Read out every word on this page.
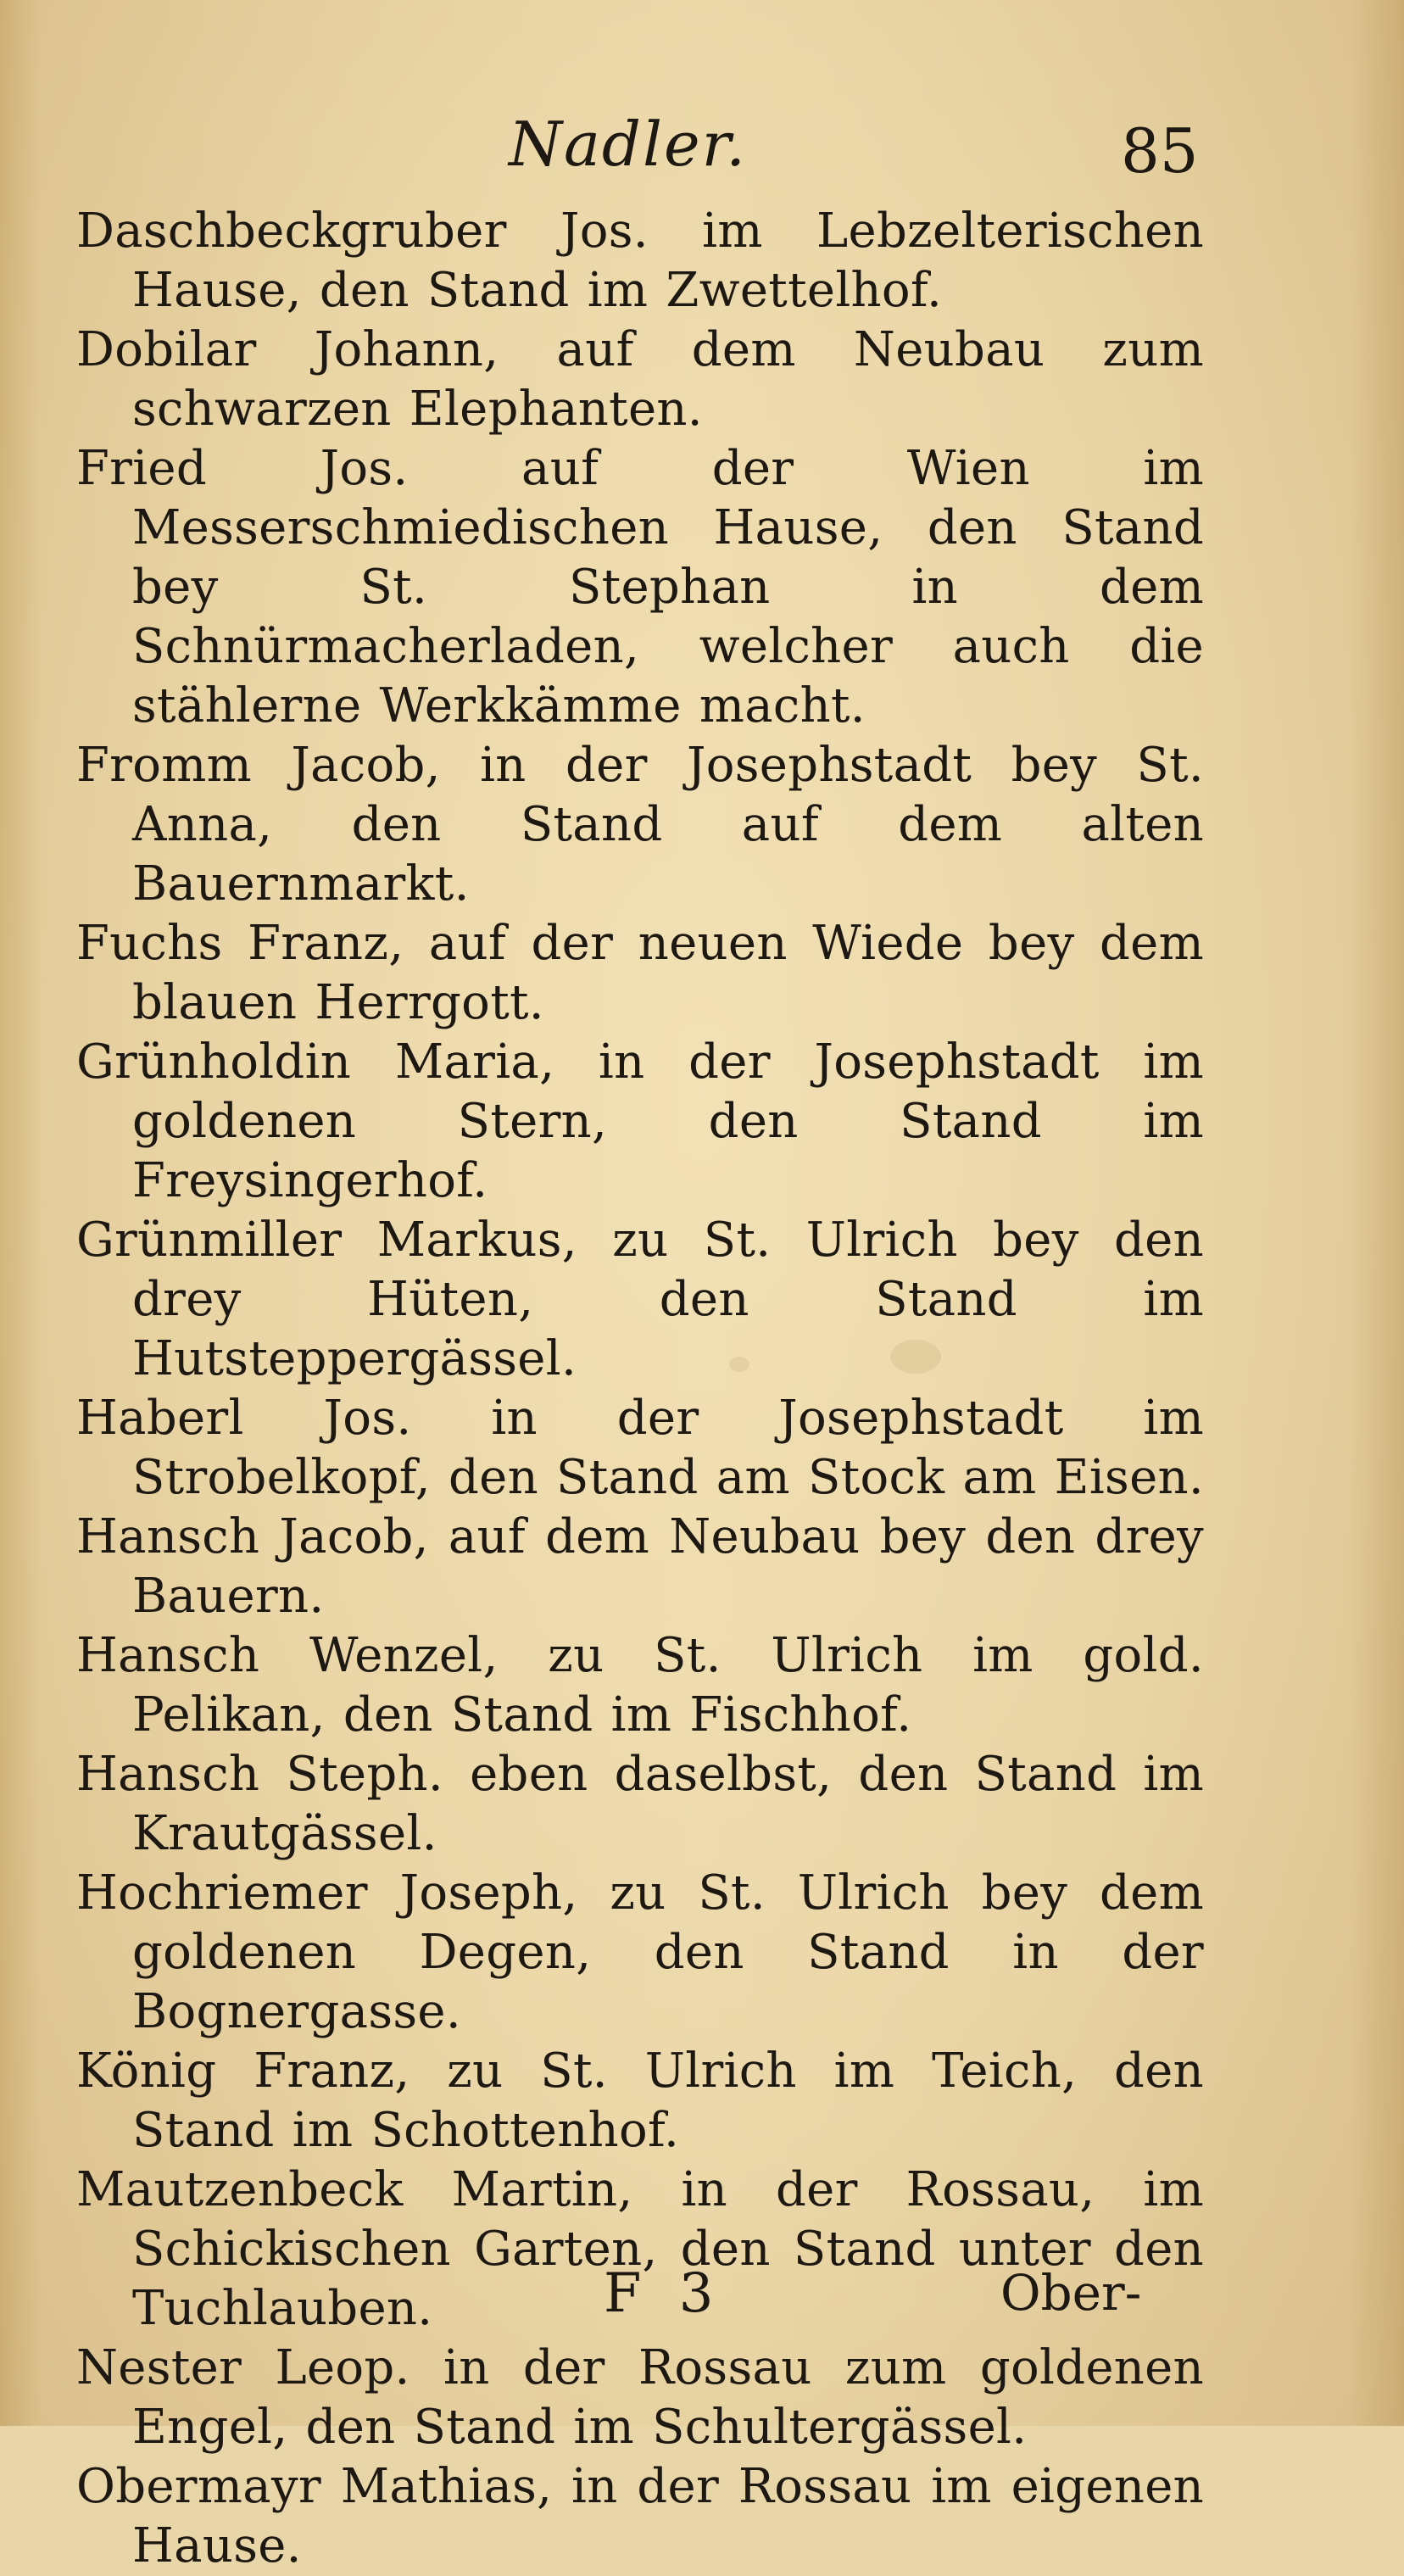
Nadler.	85
Daschbeckgruber Jos. im Lebzelterischen Hause, den Stand im Zwettelhof.
Dobilar Johann, auf dem Neubau zum schwarzen Elephanten.
Fried Jos. auf der Wien im Messerschmiedischen Hause, den Stand bey St. Stephan in dem Schnürmacherladen, welcher auch die stählerne Werkkämme macht.
Fromm Jacob, in der Josephstadt bey St. Anna, den Stand auf dem alten Bauernmarkt.
Fuchs Franz, auf der neuen Wiede bey dem blauen Herrgott.
Grünholdin Maria, in der Josephstadt im goldenen Stern, den Stand im Freysingerhof.
Grünmiller Markus, zu St. Ulrich bey den drey Hüten, den Stand im Hutsteppergässel.
Haberl Jos. in der Josephstadt im Strobelkopf, den Stand am Stock am Eisen.
Hansch Jacob, auf dem Neubau bey den drey Bauern.
Hansch Wenzel, zu St. Ulrich im gold. Pelikan, den Stand im Fischhof.
Hansch Steph. eben daselbst, den Stand im Krautgässel.
Hochriemer Joseph, zu St. Ulrich bey dem goldenen Degen, den Stand in der Bognergasse.
König Franz, zu St. Ulrich im Teich, den Stand im Schottenhof.
Mautzenbeck Martin, in der Rossau, im Schickischen Garten, den Stand unter den Tuchlauben.
Nester Leop. in der Rossau zum goldenen Engel, den Stand im Schultergässel.
Obermayr Mathias, in der Rossau im eigenen Hause.
F 3	Ober-
